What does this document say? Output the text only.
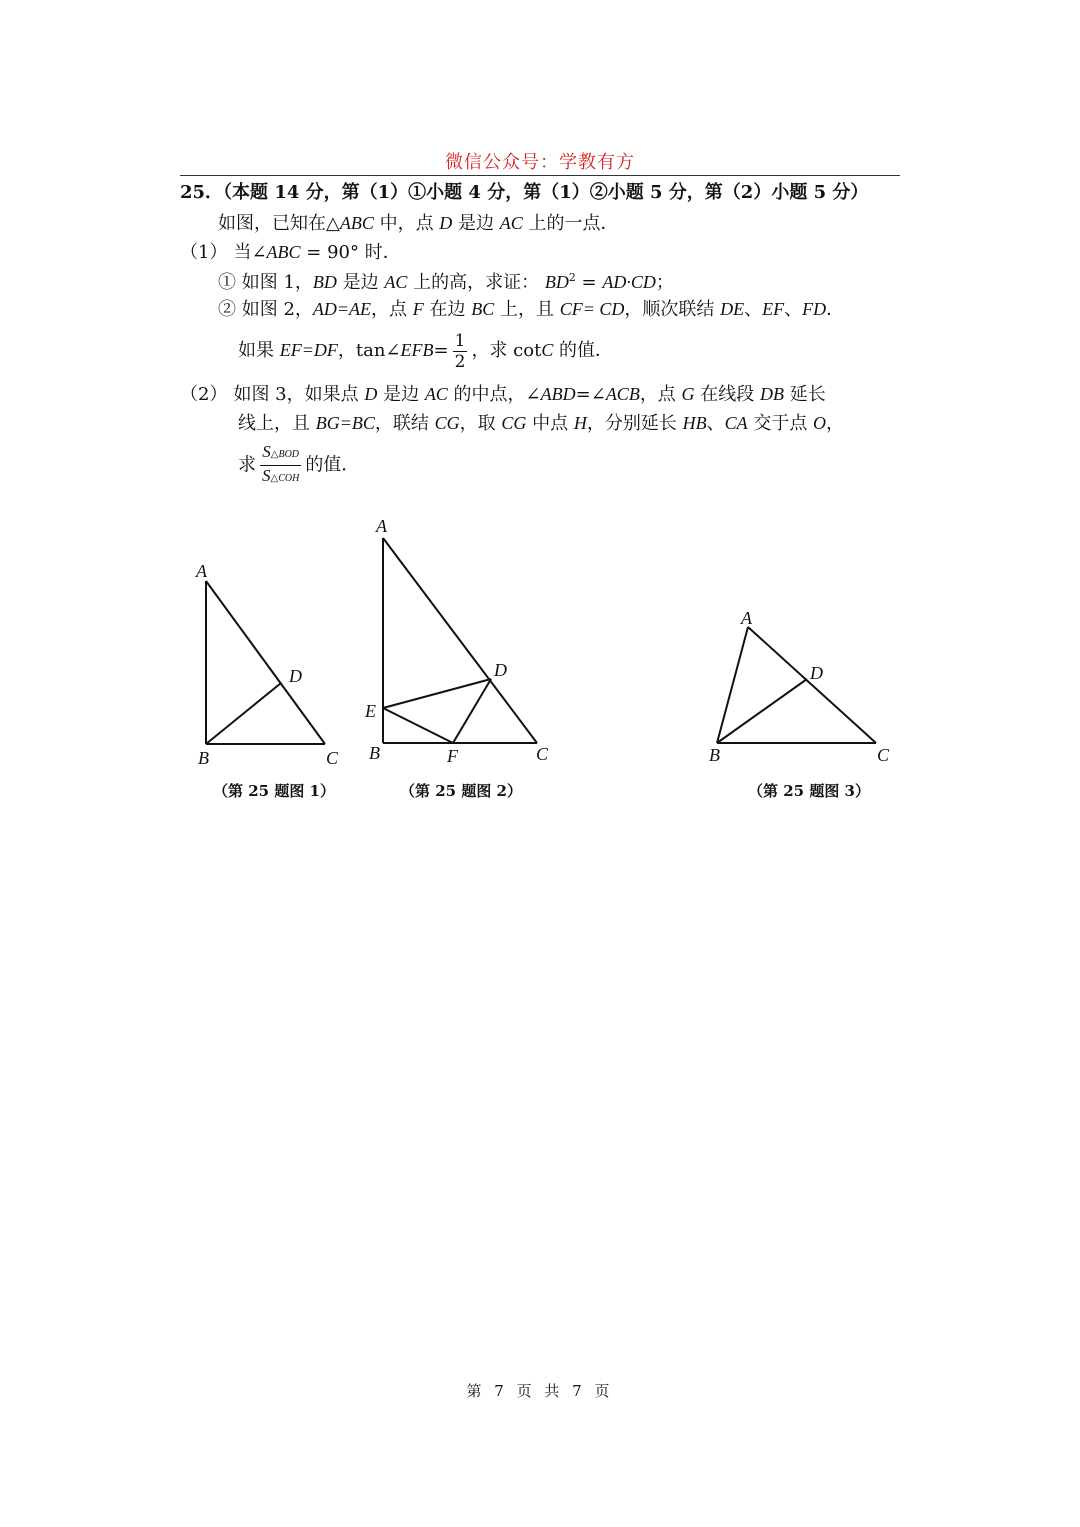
微信公众号：学教有方
25．（本题 14 分，第（1）①小题 4 分，第（1）②小题 5 分，第（2）小题 5 分）
如图，已知在△ABC 中，点 D 是边 AC 上的一点．
（1） 当∠ABC = 90° 时．
① 如图 1，BD 是边 AC 上的高，求证： $BD^2 = AD\cdot CD$；
② 如图 2，AD=AE，点 F 在边 BC 上，且 CF= CD，顺次联结 DE、EF、FD．
如果 EF=DF，tan∠EFB= $\frac{1}{2}$ ，求 cotC 的值．
（2） 如图 3，如果点 D 是边 AC 的中点，∠ABD=∠ACB，点 G 在线段 DB 延长
线上，且 BG=BC，联结 CG，取 CG 中点 H，分别延长 HB、CA 交于点 O，
求 $\frac{\text{S△BOD}}{\text{S△COH}}$ 的值．
A
B	C
D
（第 25 题图 1）
A
E
B	F	C
D
（第 25 题图 2）
A
B	C
D
（第 25 题图 3）
第 7 页 共 7 页
